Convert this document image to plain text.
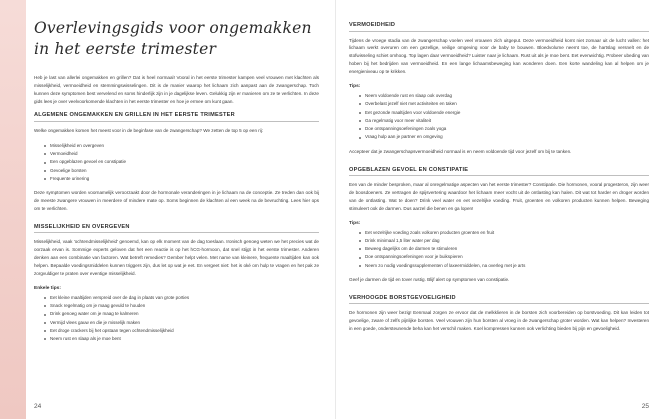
Overlevingsgids voor ongemakken in het eerste trimester

Heb je last van allerlei ongemakken en grillen? Dat is heel normaal! Vooral in het eerste trimester kampen veel vrouwen met klachten als misselijkheid, vermoeidheid en stemmingswisselingen. Dit is de manier waarop het lichaam zich aanpast aan de zwangerschap. Toch kunnen deze symptomen best vervelend en soms hinderlijk zijn in je dagelijkse leven. Gelukkig zijn er manieren om ze te verlichten. In deze gids lees je over veelvoorkomende klachten in het eerste trimester en hoe je ermee om kunt gaan.

ALGEMENE ONGEMAKKEN EN GRILLEN IN HET EERSTE TRIMESTER

Welke ongemakken komen het meest voor in de beginfase van de zwangerschap? We zetten de top 5 op een rij:

Misselijkheid en overgeven
Vermoeidheid
Een opgeblazen gevoel en constipatie
Gevoelige borsten
Frequente urinering

Deze symptomen worden voornamelijk veroorzaakt door de hormonale veranderingen in je lichaam na de conceptie. Ze treden dan ook bij de meeste zwangere vrouwen in meerdere of mindere mate op. Soms beginnen de klachten al een week na de bevruchting. Lees hier ops om te verlichten.

MISSELIJKHEID EN OVERGEVEN

Misselijkheid, vaak 'ochtendmisselijkheid' genoemd, kan op elk moment van de dag toeslaan. Ironisch genoeg weten we het precies wat de oorzaak ervan is. Sommige experts geloven dat het een reactie is op het hCG-hormoon, dat snel stijgt in het eerste trimester. Anderen denken aan een combinatie van factoren. Wat betreft remedies? Gember helpt velen. Met name van kleinere, frequente maaltijden kan ook helpen. Bepaalde voedingsmiddelen kunnen triggers zijn, dus let op wat je eet. En vergeet niet: het is oké om hulp te vragen en het pak ze zorgvuldiger te praten over eventige misselijkheid.

Enkele tips:
Eet kleine maaltijden verspreid over de dag in plaats van grote porties
Snack regelmatig om je maag gevuld te houden
Drink genoeg water om je maag te kalmeren
Vermijd vlees gauw en die je misselijk maken
Eet droge crackers bij het opstaan tegen ochtendmisselijkheid
Neem rust en slaap als je moe bent
24
VERMOEIDHEID

Tijdens de vroege stadia van de zwangerschap voelen veel vrouwen zich uitgeput. Deze vermoeidheid komt niet zomaar uit de lucht vallen: het lichaam werkt overuren om een gezellige, veilige omgeving voor de baby te bouwen. Bloedvolume neemt toe, de hartslag versnelt en de stofwisseling schiet omhoog. Top lagen daar vermoeidheid? Luister naar je lichaam. Rust uit als je moe bent. Eet evenwichtig. Probeer ubeding van hoben bij het bedrijden van vermoeidheid. En een lange lichaamsbeweging kan wonderen doen. Een korte wandeling kan al helpen om je energieniveau op te krikken.

Tips:
Neem voldoende rust en slaap ook overdag
Overbelast jezelf niet met activiteiten en taken
Eet gezonde maaltijden voor voldoende energie
Ga regelmatig voor meer vitaliteit
Doe ontspanningsoefeningen zoals yoga
Vraag hulp aan je partner en omgeving

Accepteer dat je zwangerschapsvermoeidheid normaal is en neem voldoende tijd voor jezelf om bij te tanken.

OPGEBLAZEN GEVOEL EN CONSTIPATIE

Een van de minder besproken, maar al onregelmatige aspecten van het eerste trimester? Constipatie. Die hormonen, vooral progesteron, zijn weer de boosdoeners. Ze vertragen de spijsvertering waardoor het lichaam meer vocht uit de ontlasting kan halen. Dit wat tot harder en droger worden van de ontlasting. Wat te doen? Drink veel water en eet vezelrijke voeding. Fruit, groenten en volkoren producten kunnen helpen. Beweging stimuleert ook de darmen. Dus aarzel die benen en ga lopen!

Tips:
Eet vezelrijke voeding zoals volkoren producten groenten en fruit
Drink minimaal 1,5 liter water per dag
Beweeg dagelijks om de darmen te stimuleren
Doe ontspanningsoefeningen voor je buikspieren
Neem zo nodig voedingssupplementen of laxeermiddelen, na overleg met je arts

Geef je darmen de tijd en tover rustig. Blijf alert op symptomen van constipatie.

VERHOOGDE BORSTGEVOELIGHEID

De hormonen zijn weer bezig! Eenmaal zorgen ze ervoor dat de melkklieren in de borsten zich voorbereiden op borstvoeding. Dit kan leiden tot gevoelige, zware of zelfs pijnlijke borsten. Veel vrouwen zijn hun borsten al vroeg in de zwangerschap groter worden. Wat kan helpen? Investeren in een goede, ondersteunende beha kan het verschil maken. Koel kompressen kunnen ook verlichting bieden bij pijn en gevoeligheid.

25
